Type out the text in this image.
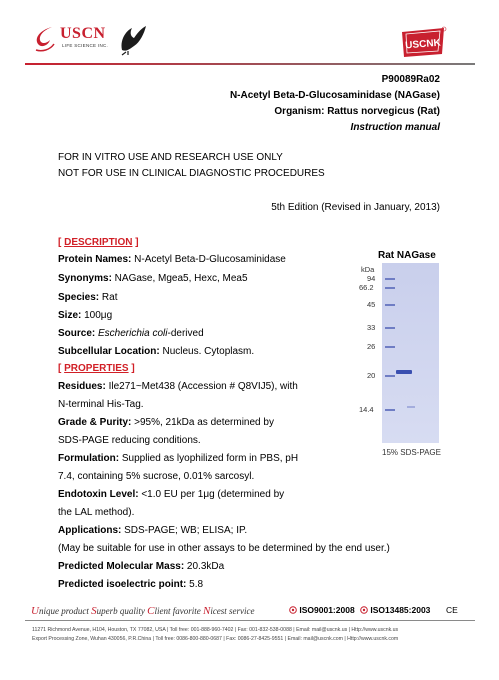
USCN
LIFE SCIENCE INC.	USCNK
P90089Ra02
N-Acetyl Beta-D-Glucosaminidase (NAGase)
Organism: Rattus norvegicus (Rat)
Instruction manual
FOR IN VITRO USE AND RESEARCH USE ONLY
NOT FOR USE IN CLINICAL DIAGNOSTIC PROCEDURES
5th Edition (Revised in January, 2013)
[ DESCRIPTION ]
Protein Names: N-Acetyl Beta-D-Glucosaminidase
Synonyms: NAGase, Mgea5, Hexc, Mea5
Species: Rat
Size: 100μg
Source: Escherichia coli-derived
Subcellular Location: Nucleus. Cytoplasm.
[ PROPERTIES ]
Residues: Ile271~Met438 (Accession # Q8VIJ5), with
N-terminal His-Tag.
Grade & Purity: >95%, 21kDa as determined by
SDS-PAGE reducing conditions.
Formulation: Supplied as lyophilized form in PBS, pH
7.4, containing 5% sucrose, 0.01% sarcosyl.
Endotoxin Level: <1.0 EU per 1μg (determined by
the LAL method).
Applications: SDS-PAGE; WB; ELISA; IP.
(May be suitable for use in other assays to be determined by the end user.)
Predicted Molecular Mass: 20.3kDa
Predicted isoelectric point: 5.8
Rat NAGase
kDa
94
66.2
45
33
26
20
14.4
15% SDS-PAGE
Unique product Superb quality Client favorite Nicest service	ISO9001:2008	ISO13485:2003 CE
11271 Richmond Avenue, H104, Houston, TX 77082, USA | Toll free: 001-888-960-7402 | Fax: 001-832-538-0088 | Email: mail@uscnk.us | Http://www.uscnk.us
Export Processing Zone, Wuhan 430056, P.R.China | Toll free: 0086-800-880-0687 | Fax: 0086-27-8425-9551 | Email: mail@uscnk.com | Http://www.uscnk.com
